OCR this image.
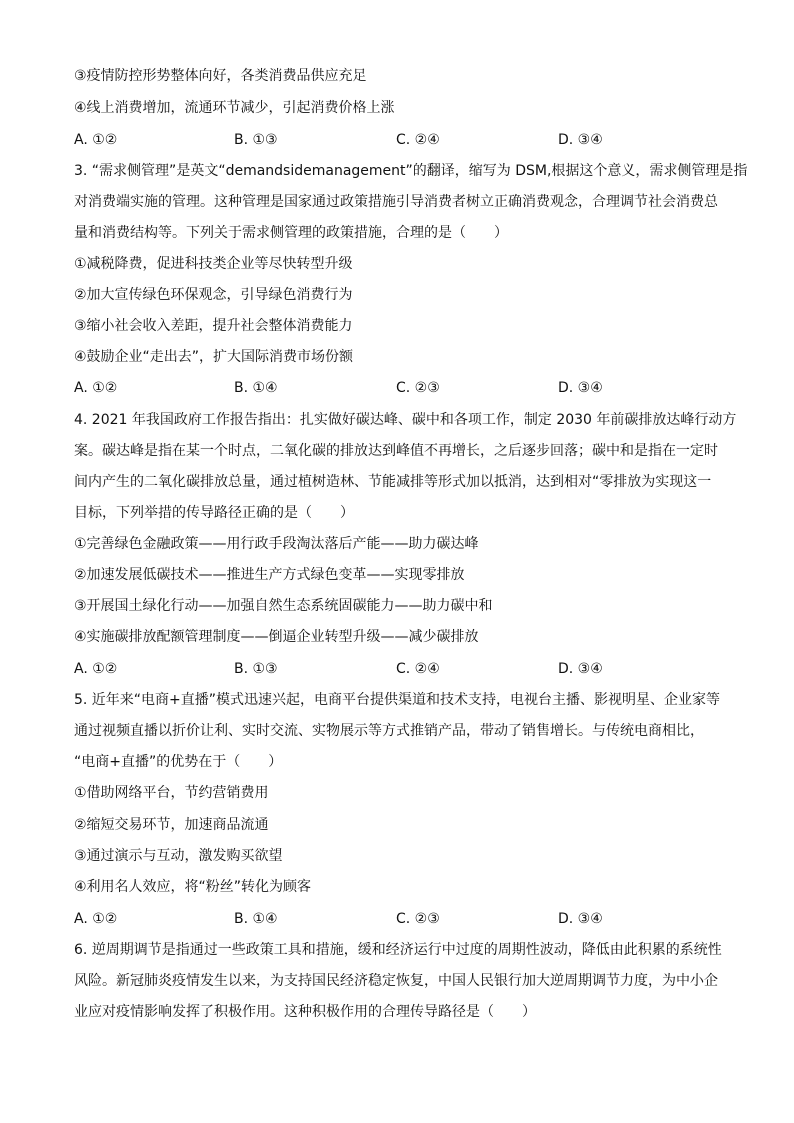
③疫情防控形势整体向好，各类消费品供应充足
④线上消费增加，流通环节减少，引起消费价格上涨
A. ①②	B. ①③	C. ②④	D. ③④
3. “需求侧管理”是英文“demandsidemanagement”的翻译，缩写为 DSM,根据这个意义，需求侧管理是指
对消费端实施的管理。这种管理是国家通过政策措施引导消费者树立正确消费观念，合理调节社会消费总
量和消费结构等。下列关于需求侧管理的政策措施，合理的是（　　）
①减税降费，促进科技类企业等尽快转型升级
②加大宣传绿色环保观念，引导绿色消费行为
③缩小社会收入差距，提升社会整体消费能力
④鼓励企业“走出去”，扩大国际消费市场份额
A. ①②	B. ①④	C. ②③	D. ③④
4. 2021 年我国政府工作报告指出：扎实做好碳达峰、碳中和各项工作，制定 2030 年前碳排放达峰行动方
案。碳达峰是指在某一个时点，二氧化碳的排放达到峰值不再增长，之后逐步回落；碳中和是指在一定时
间内产生的二氧化碳排放总量，通过植树造林、节能减排等形式加以抵消，达到相对“零排放为实现这一
目标，下列举措的传导路径正确的是（　　）
①完善绿色金融政策——用行政手段淘汰落后产能——助力碳达峰
②加速发展低碳技术——推进生产方式绿色变革——实现零排放
③开展国土绿化行动——加强自然生态系统固碳能力——助力碳中和
④实施碳排放配额管理制度——倒逼企业转型升级——减少碳排放
A. ①②	B. ①③	C. ②④	D. ③④
5. 近年来“电商+直播”模式迅速兴起，电商平台提供渠道和技术支持，电视台主播、影视明星、企业家等
通过视频直播以折价让利、实时交流、实物展示等方式推销产品，带动了销售增长。与传统电商相比，
“电商+直播”的优势在于（　　）
①借助网络平台，节约营销费用
②缩短交易环节，加速商品流通
③通过演示与互动，激发购买欲望
④利用名人效应，将“粉丝”转化为顾客
A. ①②	B. ①④	C. ②③	D. ③④
6. 逆周期调节是指通过一些政策工具和措施，缓和经济运行中过度的周期性波动，降低由此积累的系统性
风险。新冠肺炎疫情发生以来，为支持国民经济稳定恢复，中国人民银行加大逆周期调节力度，为中小企
业应对疫情影响发挥了积极作用。这种积极作用的合理传导路径是（　　）
